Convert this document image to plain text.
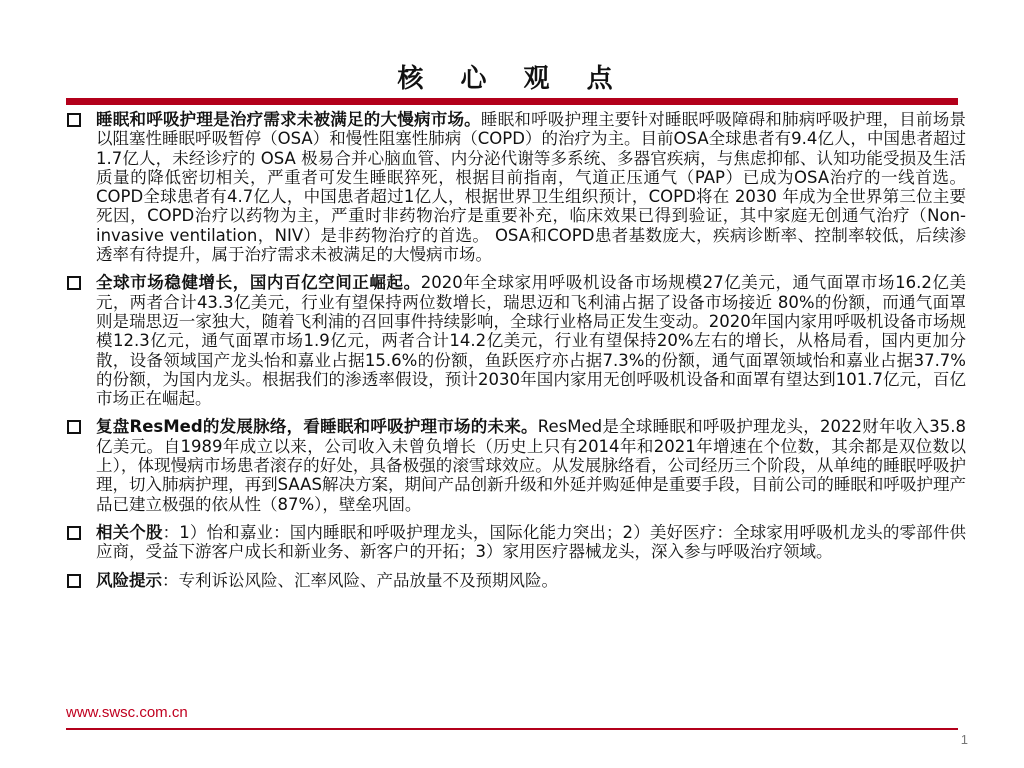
核 心 观 点
睡眠和呼吸护理是治疗需求未被满足的大慢病市场。睡眠和呼吸护理主要针对睡眠呼吸障碍和肺病呼吸护理，目前场景以阻塞性睡眠呼吸暂停（OSA）和慢性阻塞性肺病（COPD）的治疗为主。目前OSA全球患者有9.4亿人，中国患者超过1.7亿人，未经诊疗的 OSA 极易合并心脑血管、内分泌代谢等多系统、多器官疾病，与焦虑抑郁、认知功能受损及生活质量的降低密切相关，严重者可发生睡眠猝死，根据目前指南，气道正压通气（PAP）已成为OSA治疗的一线首选。COPD全球患者有4.7亿人，中国患者超过1亿人，根据世界卫生组织预计，COPD将在 2030 年成为全世界第三位主要死因，COPD治疗以药物为主，严重时非药物治疗是重要补充，临床效果已得到验证，其中家庭无创通气治疗（Non-invasive ventilation，NIV）是非药物治疗的首选。 OSA和COPD患者基数庞大，疾病诊断率、控制率较低，后续渗透率有待提升，属于治疗需求未被满足的大慢病市场。
全球市场稳健增长，国内百亿空间正崛起。2020年全球家用呼吸机设备市场规模27亿美元，通气面罩市场16.2亿美元，两者合计43.3亿美元，行业有望保持两位数增长，瑞思迈和飞利浦占据了设备市场接近 80%的份额，而通气面罩则是瑞思迈一家独大，随着飞利浦的召回事件持续影响，全球行业格局正发生变动。2020年国内家用呼吸机设备市场规模12.3亿元，通气面罩市场1.9亿元，两者合计14.2亿美元，行业有望保持20%左右的增长，从格局看，国内更加分散，设备领域国产龙头怡和嘉业占据15.6%的份额，鱼跃医疗亦占据7.3%的份额，通气面罩领域怡和嘉业占据37.7%的份额，为国内龙头。根据我们的渗透率假设，预计2030年国内家用无创呼吸机设备和面罩有望达到101.7亿元，百亿市场正在崛起。
复盘ResMed的发展脉络，看睡眠和呼吸护理市场的未来。ResMed是全球睡眠和呼吸护理龙头，2022财年收入35.8亿美元。自1989年成立以来，公司收入未曾负增长（历史上只有2014年和2021年增速在个位数，其余都是双位数以上），体现慢病市场患者滚存的好处，具备极强的滚雪球效应。从发展脉络看，公司经历三个阶段，从单纯的睡眠呼吸护理，切入肺病护理，再到SAAS解决方案，期间产品创新升级和外延并购延伸是重要手段，目前公司的睡眠和呼吸护理产品已建立极强的依从性（87%），壁垒巩固。
相关个股：1）怡和嘉业：国内睡眠和呼吸护理龙头，国际化能力突出；2）美好医疗：全球家用呼吸机龙头的零部件供应商，受益下游客户成长和新业务、新客户的开拓；3）家用医疗器械龙头，深入参与呼吸治疗领域。
风险提示：专利诉讼风险、汇率风险、产品放量不及预期风险。
www.swsc.com.cn
1
